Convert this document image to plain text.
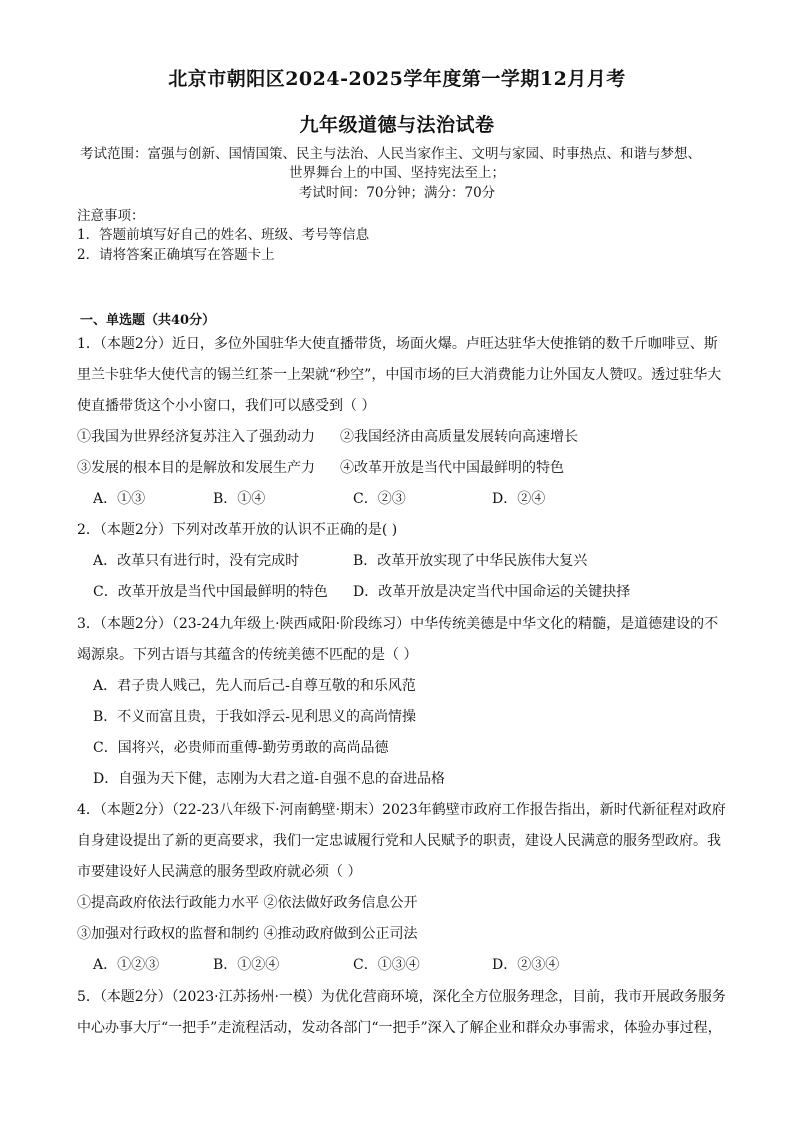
北京市朝阳区2024-2025学年度第一学期12月月考
九年级道德与法治试卷
考试范围：富强与创新、国情国策、民主与法治、人民当家作主、文明与家园、时事热点、和谐与梦想、
世界舞台上的中国、坚持宪法至上；
考试时间：70分钟；满分：70分
注意事项：
1．答题前填写好自己的姓名、班级、考号等信息
2．请将答案正确填写在答题卡上
一、单选题（共40分）
1．（本题2分）近日，多位外国驻华大使直播带货，场面火爆。卢旺达驻华大使推销的数千斤咖啡豆、斯
里兰卡驻华大使代言的锡兰红茶一上架就“秒空”，中国市场的巨大消费能力让外国友人赞叹。透过驻华大
使直播带货这个小小窗口，我们可以感受到（ ）
①我国为世界经济复苏注入了强劲动力 ②我国经济由高质量发展转向高速增长
③发展的根本目的是解放和发展生产力 ④改革开放是当代中国最鲜明的特色
A．①③	B．①④	C．②③	D．②④
2．（本题2分）下列对改革开放的认识不正确的是( )
A．改革只有进行时，没有完成时	B．改革开放实现了中华民族伟大复兴
C．改革开放是当代中国最鲜明的特色 D．改革开放是决定当代中国命运的关键抉择
3．（本题2分）（23-24九年级上·陕西咸阳·阶段练习）中华传统美德是中华文化的精髓，是道德建设的不
竭源泉。下列古语与其蕴含的传统美德不匹配的是（ ）
A．君子贵人贱己，先人而后己-自尊互敬的和乐风范
B．不义而富且贵，于我如浮云-见利思义的高尚情操
C．国将兴，必贵师而重傅-勤劳勇敢的高尚品德
D．自强为天下健，志刚为大君之道-自强不息的奋进品格
4．（本题2分）（22-23八年级下·河南鹤壁·期末）2023年鹤壁市政府工作报告指出，新时代新征程对政府
自身建设提出了新的更高要求，我们一定忠诚履行党和人民赋予的职责，建设人民满意的服务型政府。我
市要建设好人民满意的服务型政府就必须（ ）
①提高政府依法行政能力水平 ②依法做好政务信息公开
③加强对行政权的监督和制约 ④推动政府做到公正司法
A．①②③	B．①②④	C．①③④	D．②③④
5．（本题2分）（2023·江苏扬州·一模）为优化营商环境，深化全方位服务理念，目前，我市开展政务服务
中心办事大厅“一把手”走流程活动，发动各部门“一把手”深入了解企业和群众办事需求，体验办事过程，
